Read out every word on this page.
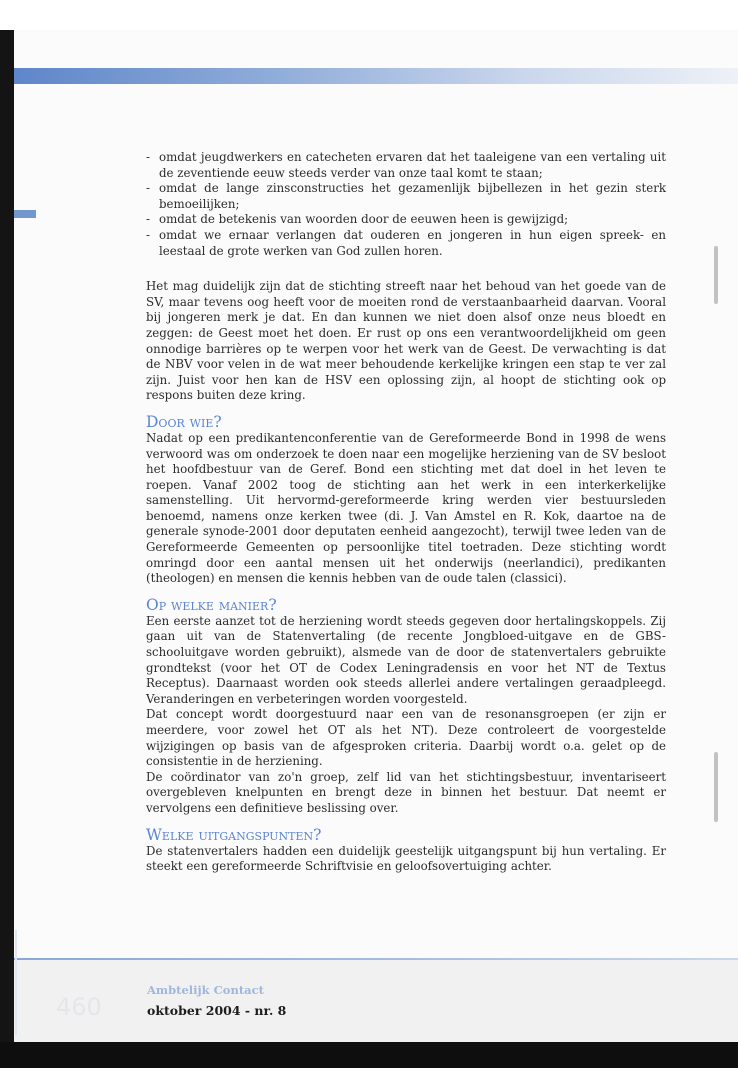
- omdat jeugdwerkers en catecheten ervaren dat het taaleigene van een vertaling uit de zeventiende eeuw steeds verder van onze taal komt te staan;
- omdat de lange zinsconstructies het gezamenlijk bijbellezen in het gezin sterk bemoeilijken;
- omdat de betekenis van woorden door de eeuwen heen is gewijzigd;
- omdat we ernaar verlangen dat ouderen en jongeren in hun eigen spreek- en leestaal de grote werken van God zullen horen.

Het mag duidelijk zijn dat de stichting streeft naar het behoud van het goede van de SV, maar tevens oog heeft voor de moeiten rond de verstaanbaarheid daarvan. Vooral bij jongeren merk je dat. En dan kunnen we niet doen alsof onze neus bloedt en zeggen: de Geest moet het doen. Er rust op ons een verantwoordelijkheid om geen onnodige barrières op te werpen voor het werk van de Geest. De verwachting is dat de NBV voor velen in de wat meer behoudende kerkelijke kringen een stap te ver zal zijn. Juist voor hen kan de HSV een oplossing zijn, al hoopt de stichting ook op respons buiten deze kring.

Door wie?

Nadat op een predikantenconferentie van de Gereformeerde Bond in 1998 de wens verwoord was om onderzoek te doen naar een mogelijke herziening van de SV besloot het hoofdbestuur van de Geref. Bond een stichting met dat doel in het leven te roepen. Vanaf 2002 toog de stichting aan het werk in een interkerkelijke samenstelling. Uit hervormd-gereformeerde kring werden vier bestuursleden benoemd, namens onze kerken twee (di. J. Van Amstel en R. Kok, daartoe na de generale synode-2001 door deputaten eenheid aangezocht), terwijl twee leden van de Gereformeerde Gemeenten op persoonlijke titel toetraden. Deze stichting wordt omringd door een aantal mensen uit het onderwijs (neerlandici), predikanten (theologen) en mensen die kennis hebben van de oude talen (classici).

Op welke manier?

Een eerste aanzet tot de herziening wordt steeds gegeven door hertalingskoppels. Zij gaan uit van de Statenvertaling (de recente Jongbloed-uitgave en de GBS-schooluitgave worden gebruikt), alsmede van de door de statenvertalers gebruikte grondtekst (voor het OT de Codex Leningradensis en voor het NT de Textus Receptus). Daarnaast worden ook steeds allerlei andere vertalingen geraadpleegd. Veranderingen en verbeteringen worden voorgesteld.

Dat concept wordt doorgestuurd naar een van de resonansgroepen (er zijn er meerdere, voor zowel het OT als het NT). Deze controleert de voorgestelde wijzigingen op basis van de afgesproken criteria. Daarbij wordt o.a. gelet op de consistentie in de herziening.

De coördinator van zo'n groep, zelf lid van het stichtingsbestuur, inventariseert overgebleven knelpunten en brengt deze in binnen het bestuur. Dat neemt er vervolgens een definitieve beslissing over.

Welke uitgangspunten?

De statenvertalers hadden een duidelijk geestelijk uitgangspunt bij hun vertaling. Er steekt een gereformeerde Schriftvisie en geloofsovertuiging achter.

460
Ambtelijk Contact
oktober 2004 - nr. 8
